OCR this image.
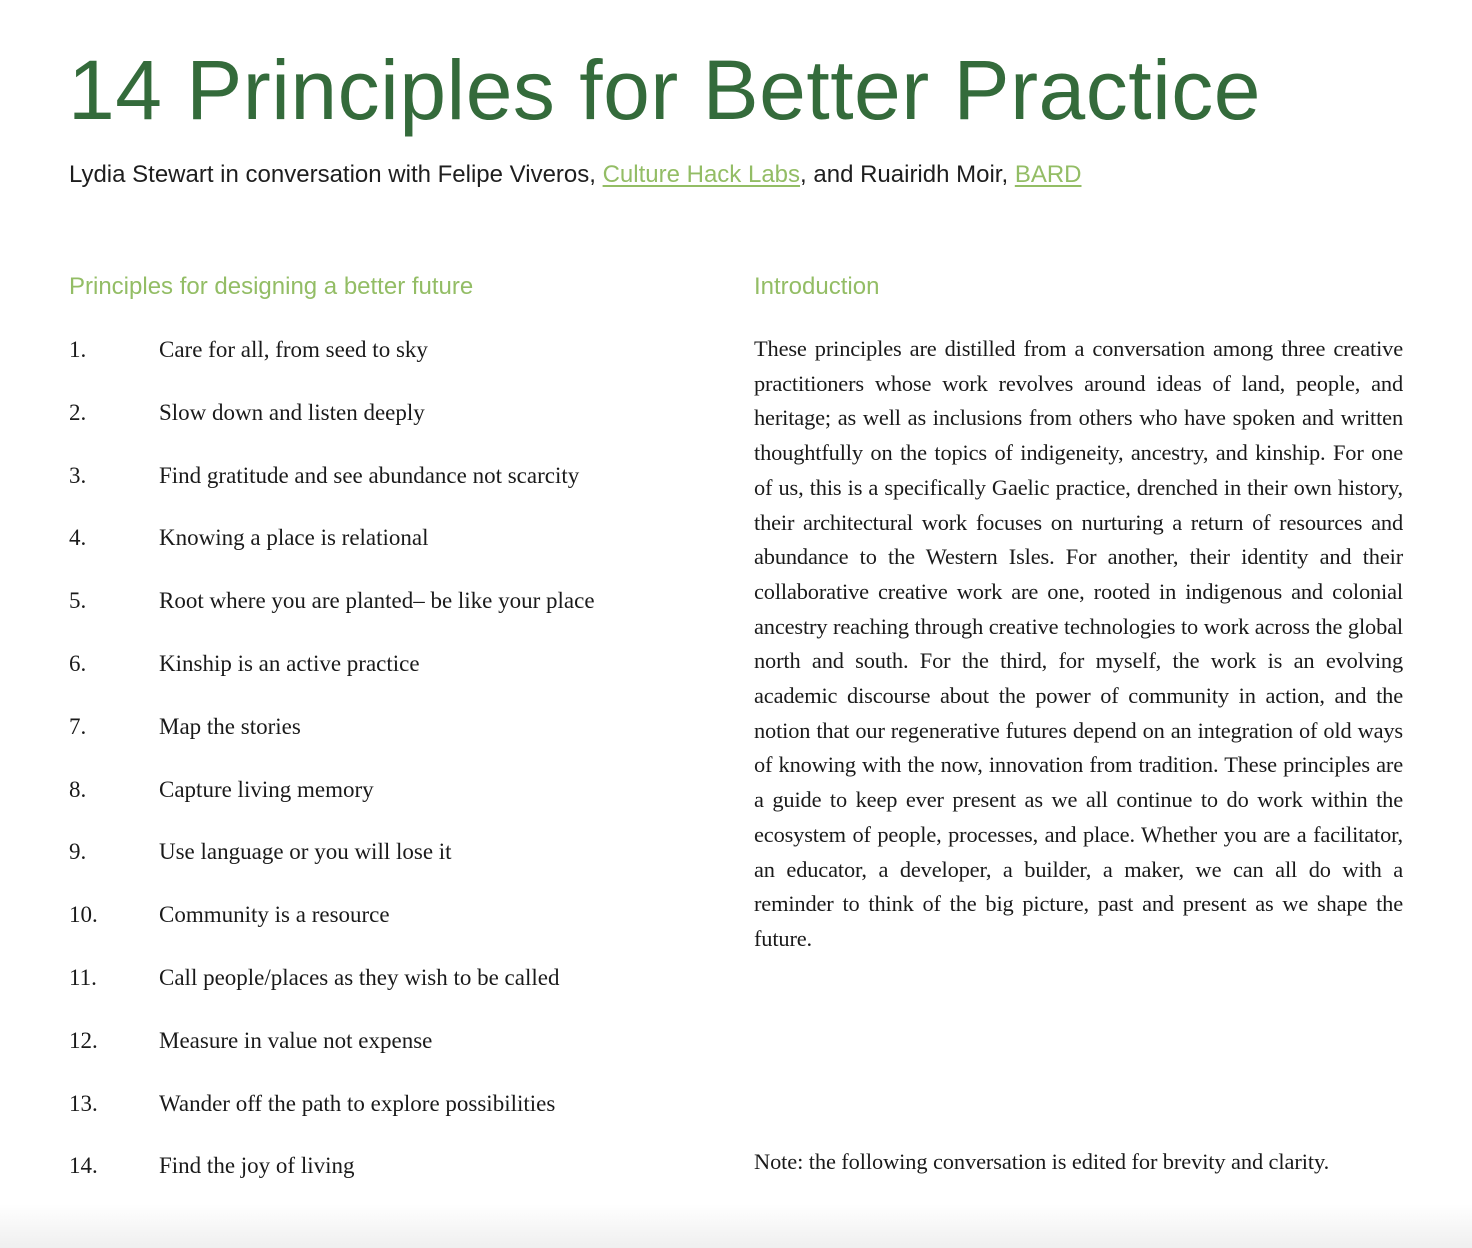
14 Principles for Better Practice
Lydia Stewart in conversation with Felipe Viveros, Culture Hack Labs, and Ruairidh Moir, BARD
Principles for designing a better future
1.	Care for all, from seed to sky
2.	Slow down and listen deeply
3.	Find gratitude and see abundance not scarcity
4.	Knowing a place is relational
5.	Root where you are planted– be like your place
6.	Kinship is an active practice
7.	Map the stories
8.	Capture living memory
9.	Use language or you will lose it
10.	Community is a resource
11.	Call people/places as they wish to be called
12.	Measure in value not expense
13.	Wander off the path to explore possibilities
14.	Find the joy of living
Introduction

These principles are distilled from a conversation among three creative practitioners whose work revolves around ideas of land, people, and heritage; as well as inclusions from others who have spoken and written thoughtfully on the topics of indigeneity, ancestry, and kinship. For one of us, this is a specifically Gaelic practice, drenched in their own history, their architectural work focuses on nurturing a return of resources and abundance to the Western Isles. For another, their identity and their collaborative creative work are one, rooted in indigenous and colonial ancestry reaching through creative technologies to work across the global north and south. For the third, for myself, the work is an evolving academic discourse about the power of community in action, and the notion that our regenerative futures depend on an integration of old ways of knowing with the now, innovation from tradition. These principles are a guide to keep ever present as we all continue to do work within the ecosystem of people, processes, and place. Whether you are a facilitator, an educator, a developer, a builder, a maker, we can all do with a reminder to think of the big picture, past and present as we shape the future.

Note: the following conversation is edited for brevity and clarity.
